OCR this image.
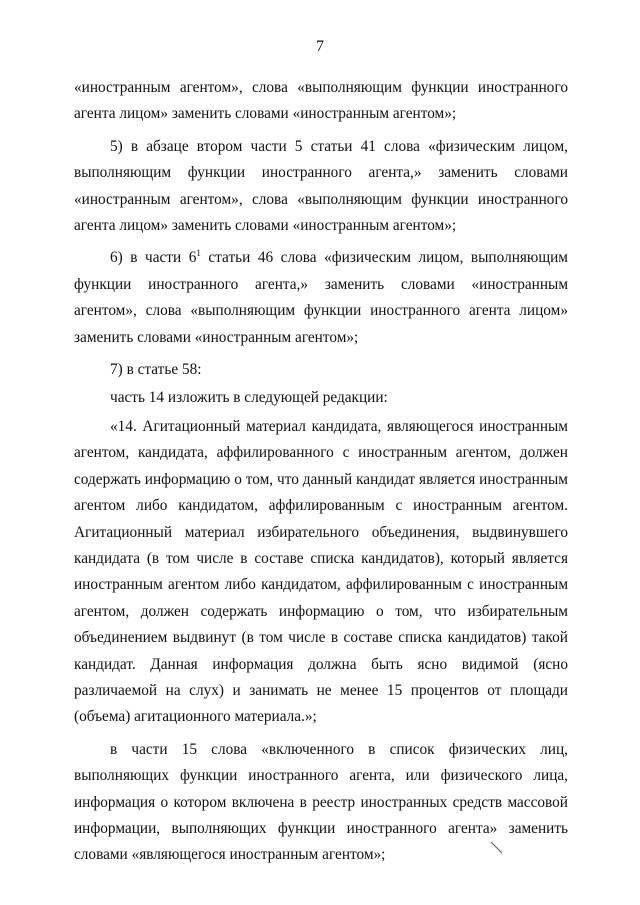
7

«иностранным агентом», слова «выполняющим функции иностранного агента лицом» заменить словами «иностранным агентом»;

5) в абзаце втором части 5 статьи 41 слова «физическим лицом, выполняющим функции иностранного агента,» заменить словами «иностранным агентом», слова «выполняющим функции иностранного агента лицом» заменить словами «иностранным агентом»;

6) в части $6^1$ статьи 46 слова «физическим лицом, выполняющим функции иностранного агента,» заменить словами «иностранным агентом», слова «выполняющим функции иностранного агента лицом» заменить словами «иностранным агентом»;

7) в статье 58:

часть 14 изложить в следующей редакции:

«14. Агитационный материал кандидата, являющегося иностранным агентом, кандидата, аффилированного с иностранным агентом, должен содержать информацию о том, что данный кандидат является иностранным агентом либо кандидатом, аффилированным с иностранным агентом. Агитационный материал избирательного объединения, выдвинувшего кандидата (в том числе в составе списка кандидатов), который является иностранным агентом либо кандидатом, аффилированным с иностранным агентом, должен содержать информацию о том, что избирательным объединением выдвинут (в том числе в составе списка кандидатов) такой кандидат. Данная информация должна быть ясно видимой (ясно различаемой на слух) и занимать не менее 15 процентов от площади (объема) агитационного материала.»;

в части 15 слова «включенного в список физических лиц, выполняющих функции иностранного агента, или физического лица, информация о котором включена в реестр иностранных средств массовой информации, выполняющих функции иностранного агента» заменить словами «являющегося иностранным агентом»;
